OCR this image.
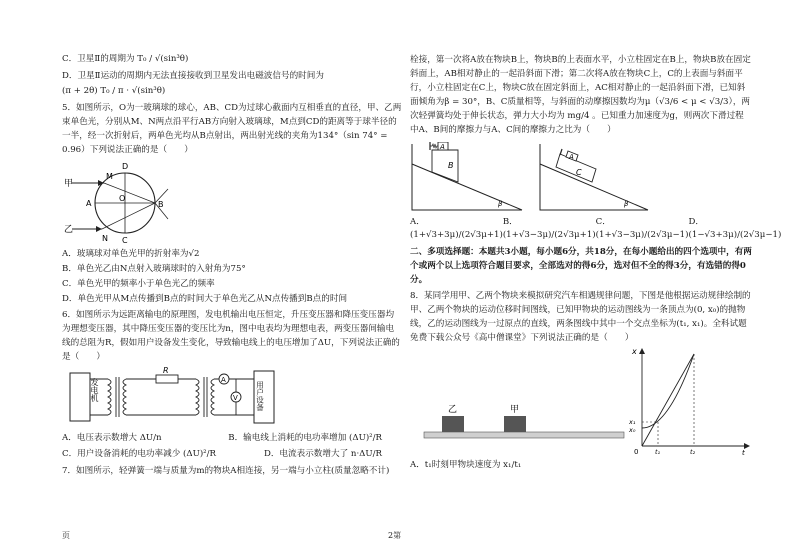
C．卫星Ⅱ的周期为 T₀ / √(sin³θ)

D．卫星Ⅱ运动的周期内无法直接接收到卫星发出电磁波信号的时间为

(π + 2θ) T₀ / π · √(sin³θ)

5．如图所示，O为一玻璃球的球心，AB、CD为过球心截面内互相垂直的直径，甲、乙两束单色光，分别从M、N两点沿平行AB方向射入玻璃球，M点到CD的距离等于球半径的一半，经一次折射后，两单色光均从B点射出，两出射光线的夹角为134°（sin 74° = 0.96）下列说法正确的是（　　）

甲
乙
D
M
A
O
B
N C

A．玻璃球对单色光甲的折射率为√2

B．单色光乙由N点射入玻璃球时的入射角为75°

C．单色光甲的频率小于单色光乙的频率

D．单色光甲从M点传播到B点的时间大于单色光乙从N点传播到B点的时间

6．如图所示为远距离输电的原理图，发电机输出电压恒定，升压变压器和降压变压器均为理想变压器，其中降压变压器的变压比为n，图中电表均为理想电表，两变压器间输电线的总阻为R，假如用户设备发生变化，导致输电线上的电压增加了ΔU，下列说法正确的是（　　）

发电机
R
A
V 用户设备

A．电压表示数增大 ΔU/n	B．输电线上消耗的电功率增加 (ΔU)²/R

C．用户设备消耗的电功率减少 (ΔU)²/R	D．电流表示数增大了 n·ΔU/R

7．如图所示，轻弹簧一端与质量为m的物块A相连接，另一端与小立柱(质量忽略不计)

栓接，第一次将A放在物块B上，物块B的上表面水平，小立柱固定在B上，物块B放在固定斜面上，AB相对静止的一起沿斜面下滑；第二次将A放在物块C上，C的上表面与斜面平行，小立柱固定在C上，物块C放在固定斜面上，AC相对静止的一起沿斜面下滑，已知斜面倾角为β = 30°，B、C质量相等，与斜面的动摩擦因数均为μ（√3/6 < μ < √3/3），两次轻弹簧均处于伸长状态，弹力大小均为 mg/4 。已知重力加速度为g，则两次下滑过程中A、B间的摩擦力与A、C间的摩擦力之比为（　　）

A
B
β
A
C
β

A．(1+√3+3μ)/(2√3μ+1)

B．(1+√3−3μ)/(2√3μ+1)

C．(1+√3−3μ)/(2√3μ−1)

D．(1−√3+3μ)/(2√3μ−1)

二、多项选择题：本题共3小题，每小题6分，共18分，在每小题给出的四个选项中，有两个或两个以上选项符合题目要求，全部选对的得6分，选对但不全的得3分，有选错的得0分。

8．某同学用甲、乙两个物块来模拟研究汽车相遇规律问题，下图是他根据运动规律绘制的甲、乙两个物块的运动位移时间图线，已知甲物块的运动图线为一条顶点为(0, x₀)的抛物线，乙的运动图线为一过原点的直线，两条图线中其中一个交点坐标为(t₁, x₁)。全科试题免费下载公众号《高中僧课堂》下列说法正确的是（　　）

乙	甲
x
x₁
x₀
0	t₁	t₂	t

A．t₁时刻甲物块速度为 x₁/t₁

页	2第
